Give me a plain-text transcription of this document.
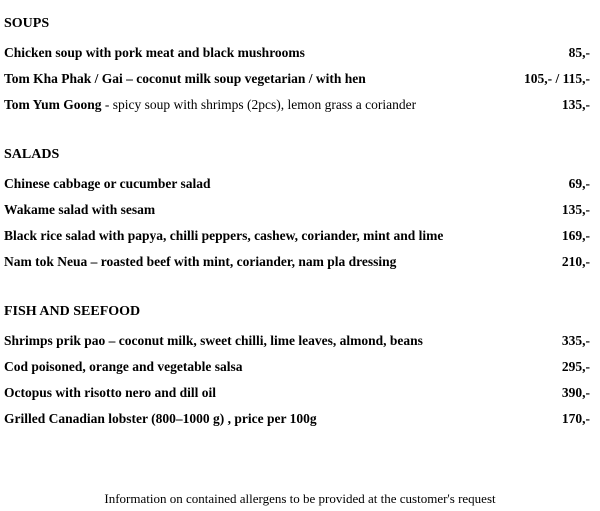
SOUPS
Chicken soup with pork meat and black mushrooms	85,-
Tom Kha Phak / Gai – coconut milk soup vegetarian / with hen	105,- / 115,-
Tom Yum Goong - spicy soup with shrimps (2pcs), lemon grass a coriander	135,-
SALADS
Chinese cabbage or cucumber salad	69,-
Wakame salad with sesam	135,-
Black rice salad with papya, chilli peppers, cashew, coriander, mint and lime	169,-
Nam tok Neua – roasted beef with mint, coriander, nam pla dressing	210,-
FISH AND SEEFOOD
Shrimps prik pao – coconut milk, sweet chilli, lime leaves, almond, beans	335,-
Cod poisoned, orange and vegetable salsa	295,-
Octopus with risotto nero and dill oil	390,-
Grilled Canadian lobster (800–1000 g) , price per 100g	170,-
Information on contained allergens to be provided at the customer's request
